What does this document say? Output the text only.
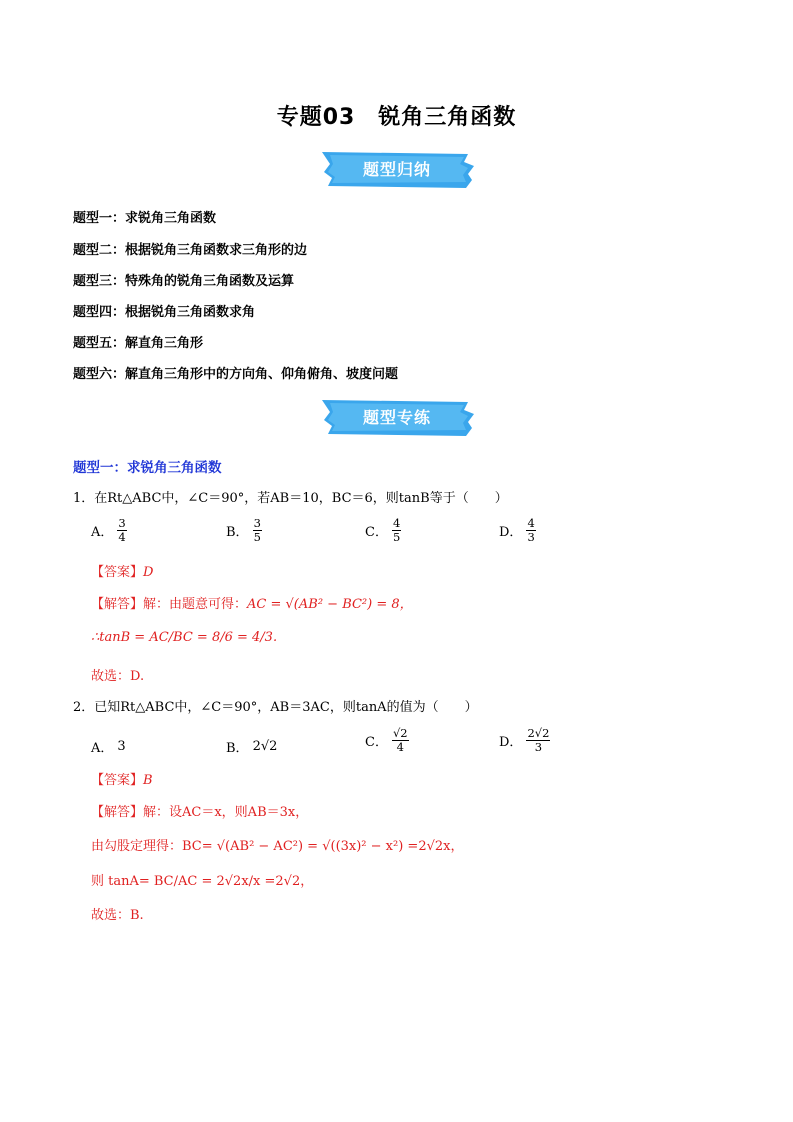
专题03　锐角三角函数
题型归纳
题型一：求锐角三角函数
题型二：根据锐角三角函数求三角形的边
题型三：特殊角的锐角三角函数及运算
题型四：根据锐角三角函数求角
题型五：解直角三角形
题型六：解直角三角形中的方向角、仰角俯角、坡度问题
题型专练
题型一：求锐角三角函数
1．在Rt△ABC中，∠C＝90°，若AB＝10，BC＝6，则tanB等于（　　）
A． $\frac{3}{4}$	B． $\frac{3}{5}$	C． $\frac{4}{5}$	D． $\frac{4}{3}$
【答案】D
【解答】解：由题意可得：AC = √(AB² − BC²) = 8，
∴tanB = AC/BC = 8/6 = 4/3.
故选：D.
2．已知Rt△ABC中，∠C＝90°，AB＝3AC，则tanA的值为（　　）
A． 3	B． 2√2	C． $\frac{√2}{4}$	D． $\frac{2√2}{3}$
【答案】B
【解答】解：设AC＝x，则AB＝3x，
由勾股定理得：BC= √(AB² − AC²) = √((3x)² − x²) =2√2x，
则 tanA= BC/AC = 2√2x/x =2√2，
故选：B.
